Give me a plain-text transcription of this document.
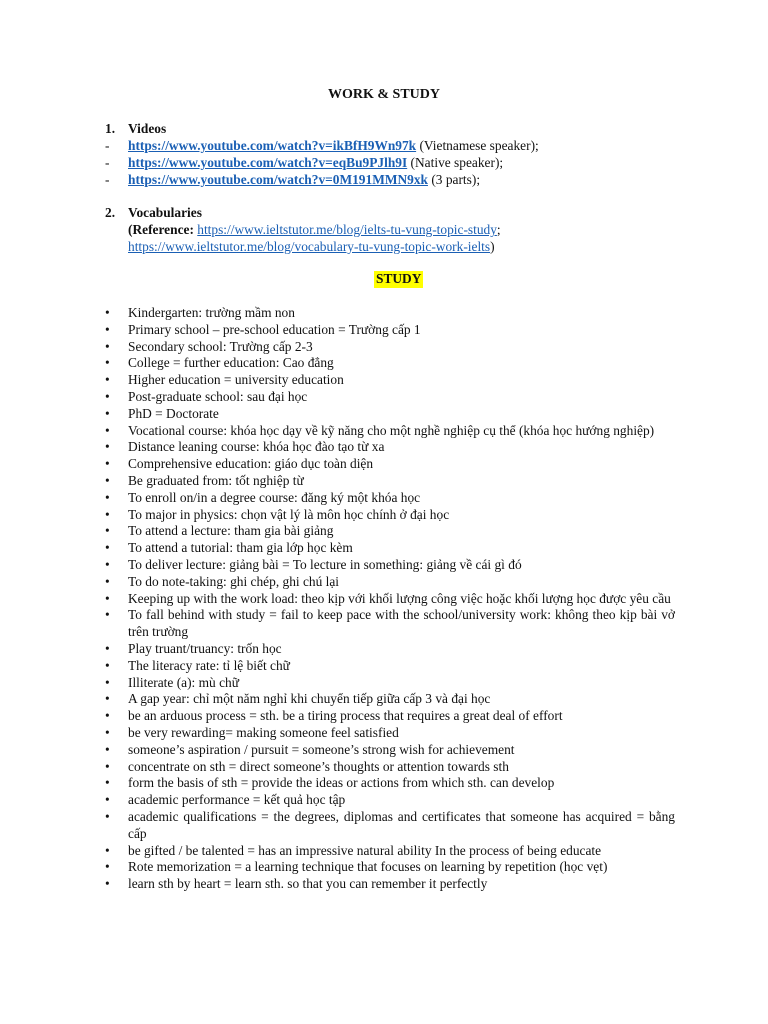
WORK & STUDY
1. Videos
- https://www.youtube.com/watch?v=ikBfH9Wn97k (Vietnamese speaker);
- https://www.youtube.com/watch?v=eqBu9PJlh9I (Native speaker);
- https://www.youtube.com/watch?v=0M191MMN9xk (3 parts);
2. Vocabularies
(Reference: https://www.ieltstutor.me/blog/ielts-tu-vung-topic-study;
https://www.ieltstutor.me/blog/vocabulary-tu-vung-topic-work-ielts)
STUDY
• Kindergarten: trường mầm non
• Primary school – pre-school education = Trường cấp 1
• Secondary school: Trường cấp 2-3
• College = further education: Cao đẳng
• Higher education = university education
• Post-graduate school: sau đại học
• PhD = Doctorate
• Vocational course: khóa học dạy về kỹ năng cho một nghề nghiệp cụ thể (khóa học hướng nghiệp)
• Distance leaning course: khóa học đào tạo từ xa
• Comprehensive education: giáo dục toàn diện
• Be graduated from: tốt nghiệp từ
• To enroll on/in a degree course: đăng ký một khóa học
• To major in physics: chọn vật lý là môn học chính ở đại học
• To attend a lecture: tham gia bài giảng
• To attend a tutorial: tham gia lớp học kèm
• To deliver lecture: giảng bài = To lecture in something: giảng về cái gì đó
• To do note-taking: ghi chép, ghi chú lại
• Keeping up with the work load: theo kịp với khối lượng công việc hoặc khối lượng học được yêu cầu
• To fall behind with study = fail to keep pace with the school/university work: không theo kịp bài vở trên trường
• Play truant/truancy: trốn học
• The literacy rate: tỉ lệ biết chữ
• Illiterate (a): mù chữ
• A gap year: chỉ một năm nghỉ khi chuyển tiếp giữa cấp 3 và đại học
• be an arduous process = sth. be a tiring process that requires a great deal of effort
• be very rewarding= making someone feel satisfied
• someone’s aspiration / pursuit = someone’s strong wish for achievement
• concentrate on sth = direct someone’s thoughts or attention towards sth
• form the basis of sth = provide the ideas or actions from which sth. can develop
• academic performance = kết quả học tập
• academic qualifications = the degrees, diplomas and certificates that someone has acquired = bằng cấp
• be gifted / be talented = has an impressive natural ability In the process of being educate
• Rote memorization = a learning technique that focuses on learning by repetition (học vẹt)
• learn sth by heart = learn sth. so that you can remember it perfectly
